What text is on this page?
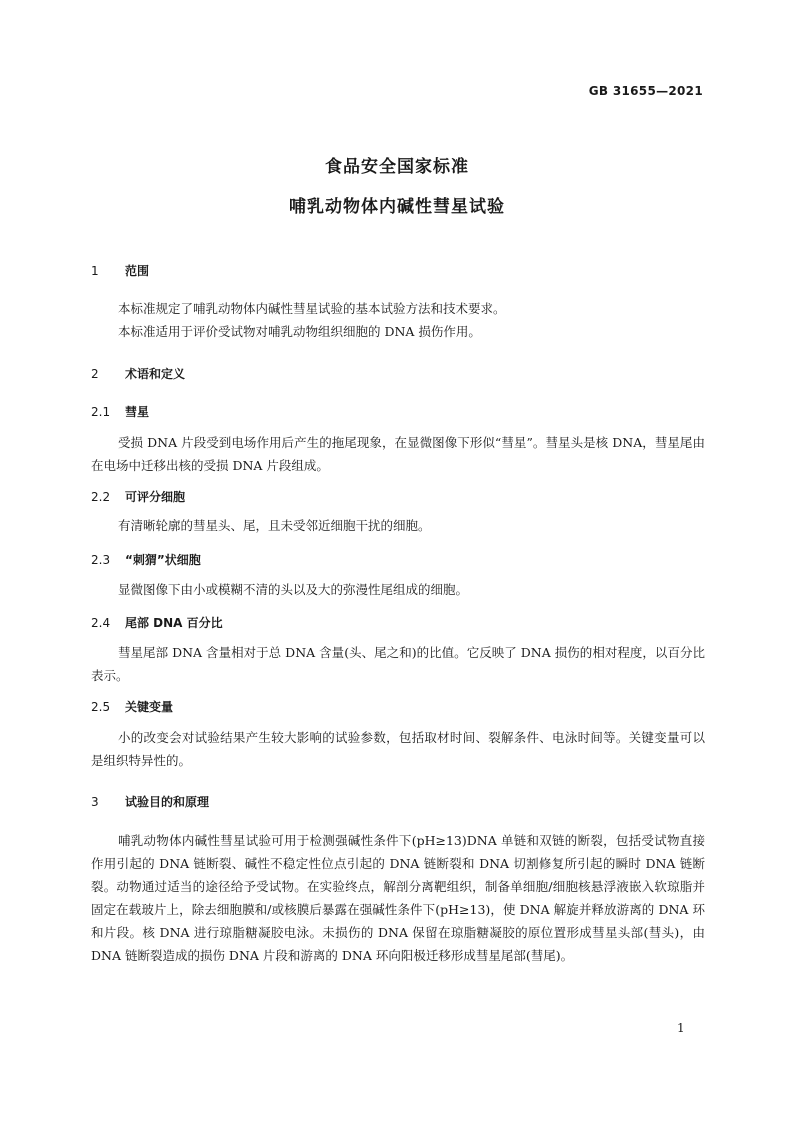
GB 31655—2021
食品安全国家标准
哺乳动物体内碱性彗星试验
1 范围
本标准规定了哺乳动物体内碱性彗星试验的基本试验方法和技术要求。
本标准适用于评价受试物对哺乳动物组织细胞的 DNA 损伤作用。
2 术语和定义
2.1 彗星
受损 DNA 片段受到电场作用后产生的拖尾现象，在显微图像下形似“彗星”。彗星头是核 DNA，彗星尾由在电场中迁移出核的受损 DNA 片段组成。
2.2 可评分细胞
有清晰轮廓的彗星头、尾，且未受邻近细胞干扰的细胞。
2.3 “刺猬”状细胞
显微图像下由小或模糊不清的头以及大的弥漫性尾组成的细胞。
2.4 尾部 DNA 百分比
彗星尾部 DNA 含量相对于总 DNA 含量(头、尾之和)的比值。它反映了 DNA 损伤的相对程度，以百分比表示。
2.5 关键变量
小的改变会对试验结果产生较大影响的试验参数，包括取材时间、裂解条件、电泳时间等。关键变量可以是组织特异性的。
3 试验目的和原理
哺乳动物体内碱性彗星试验可用于检测强碱性条件下(pH≥13)DNA 单链和双链的断裂，包括受试物直接作用引起的 DNA 链断裂、碱性不稳定性位点引起的 DNA 链断裂和 DNA 切割修复所引起的瞬时 DNA 链断裂。动物通过适当的途径给予受试物。在实验终点，解剖分离靶组织，制备单细胞/细胞核悬浮液嵌入软琼脂并固定在载玻片上，除去细胞膜和/或核膜后暴露在强碱性条件下(pH≥13)，使 DNA 解旋并释放游离的 DNA 环和片段。核 DNA 进行琼脂糖凝胶电泳。未损伤的 DNA 保留在琼脂糖凝胶的原位置形成彗星头部(彗头)，由 DNA 链断裂造成的损伤 DNA 片段和游离的 DNA 环向阳极迁移形成彗星尾部(彗尾)。
1
